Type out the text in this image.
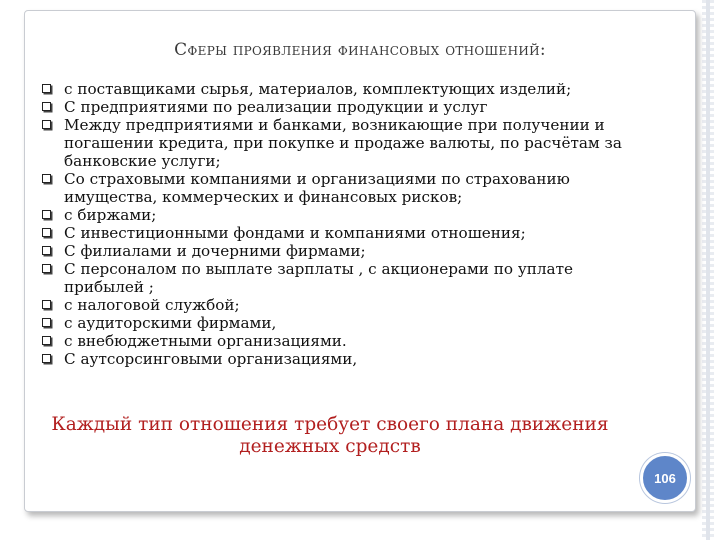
Сферы проявления финансовых отношений:
с поставщиками сырья, материалов, комплектующих изделий;
С предприятиями по реализации продукции и услуг
Между предприятиями и банками, возникающие при получении и погашении кредита, при покупке и продаже валюты, по расчётам за банковские услуги;
Со страховыми компаниями и организациями по страхованию имущества, коммерческих и финансовых рисков;
с биржами;
С инвестиционными фондами и компаниями отношения;
С филиалами и дочерними фирмами;
С персоналом по выплате зарплаты , с акционерами по уплате прибылей ;
с налоговой службой;
с аудиторскими фирмами,
с внебюджетными организациями.
С аутсорсинговыми организациями,
Каждый тип отношения требует своего плана движения денежных средств
106
